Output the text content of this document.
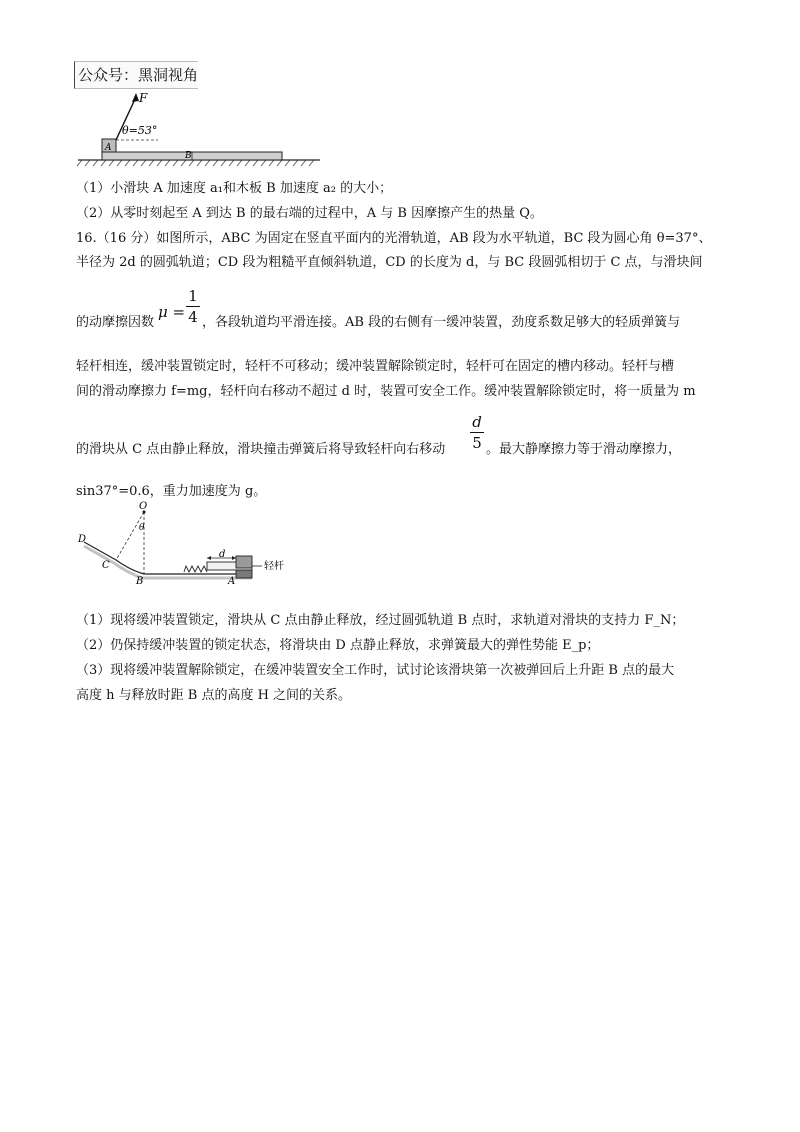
公众号：黑洞视角
F
θ=53°
A
B
（1）小滑块 A 加速度 a₁和木板 B 加速度 a₂ 的大小；
（2）从零时刻起至 A 到达 B 的最右端的过程中，A 与 B 因摩擦产生的热量 Q。
16.（16 分）如图所示，ABC 为固定在竖直平面内的光滑轨道，AB 段为水平轨道，BC 段为圆心角 θ=37°、
半径为 2d 的圆弧轨道；CD 段为粗糙平直倾斜轨道，CD 的长度为 d，与 BC 段圆弧相切于 C 点，与滑块间
的动摩擦因数
μ =
1
4 ，各段轨道均平滑连接。AB 段的右侧有一缓冲装置，劲度系数足够大的轻质弹簧与
轻杆相连，缓冲装置锁定时，轻杆不可移动；缓冲装置解除锁定时，轻杆可在固定的槽内移动。轻杆与槽
间的滑动摩擦力 f=mg，轻杆向右移动不超过 d 时，装置可安全工作。缓冲装置解除锁定时，将一质量为 m
的滑块从 C 点由静止释放，滑块撞击弹簧后将导致轻杆向右移动
d
5 。最大静摩擦力等于滑动摩擦力，
sin37°=0.6，重力加速度为 g。
O
θ
D
C
B	A
d
轻杆
（1）现将缓冲装置锁定，滑块从 C 点由静止释放，经过圆弧轨道 B 点时，求轨道对滑块的支持力 F_N；
（2）仍保持缓冲装置的锁定状态，将滑块由 D 点静止释放，求弹簧最大的弹性势能 E_p；
（3）现将缓冲装置解除锁定，在缓冲装置安全工作时，试讨论该滑块第一次被弹回后上升距 B 点的最大
高度 h 与释放时距 B 点的高度 H 之间的关系。
